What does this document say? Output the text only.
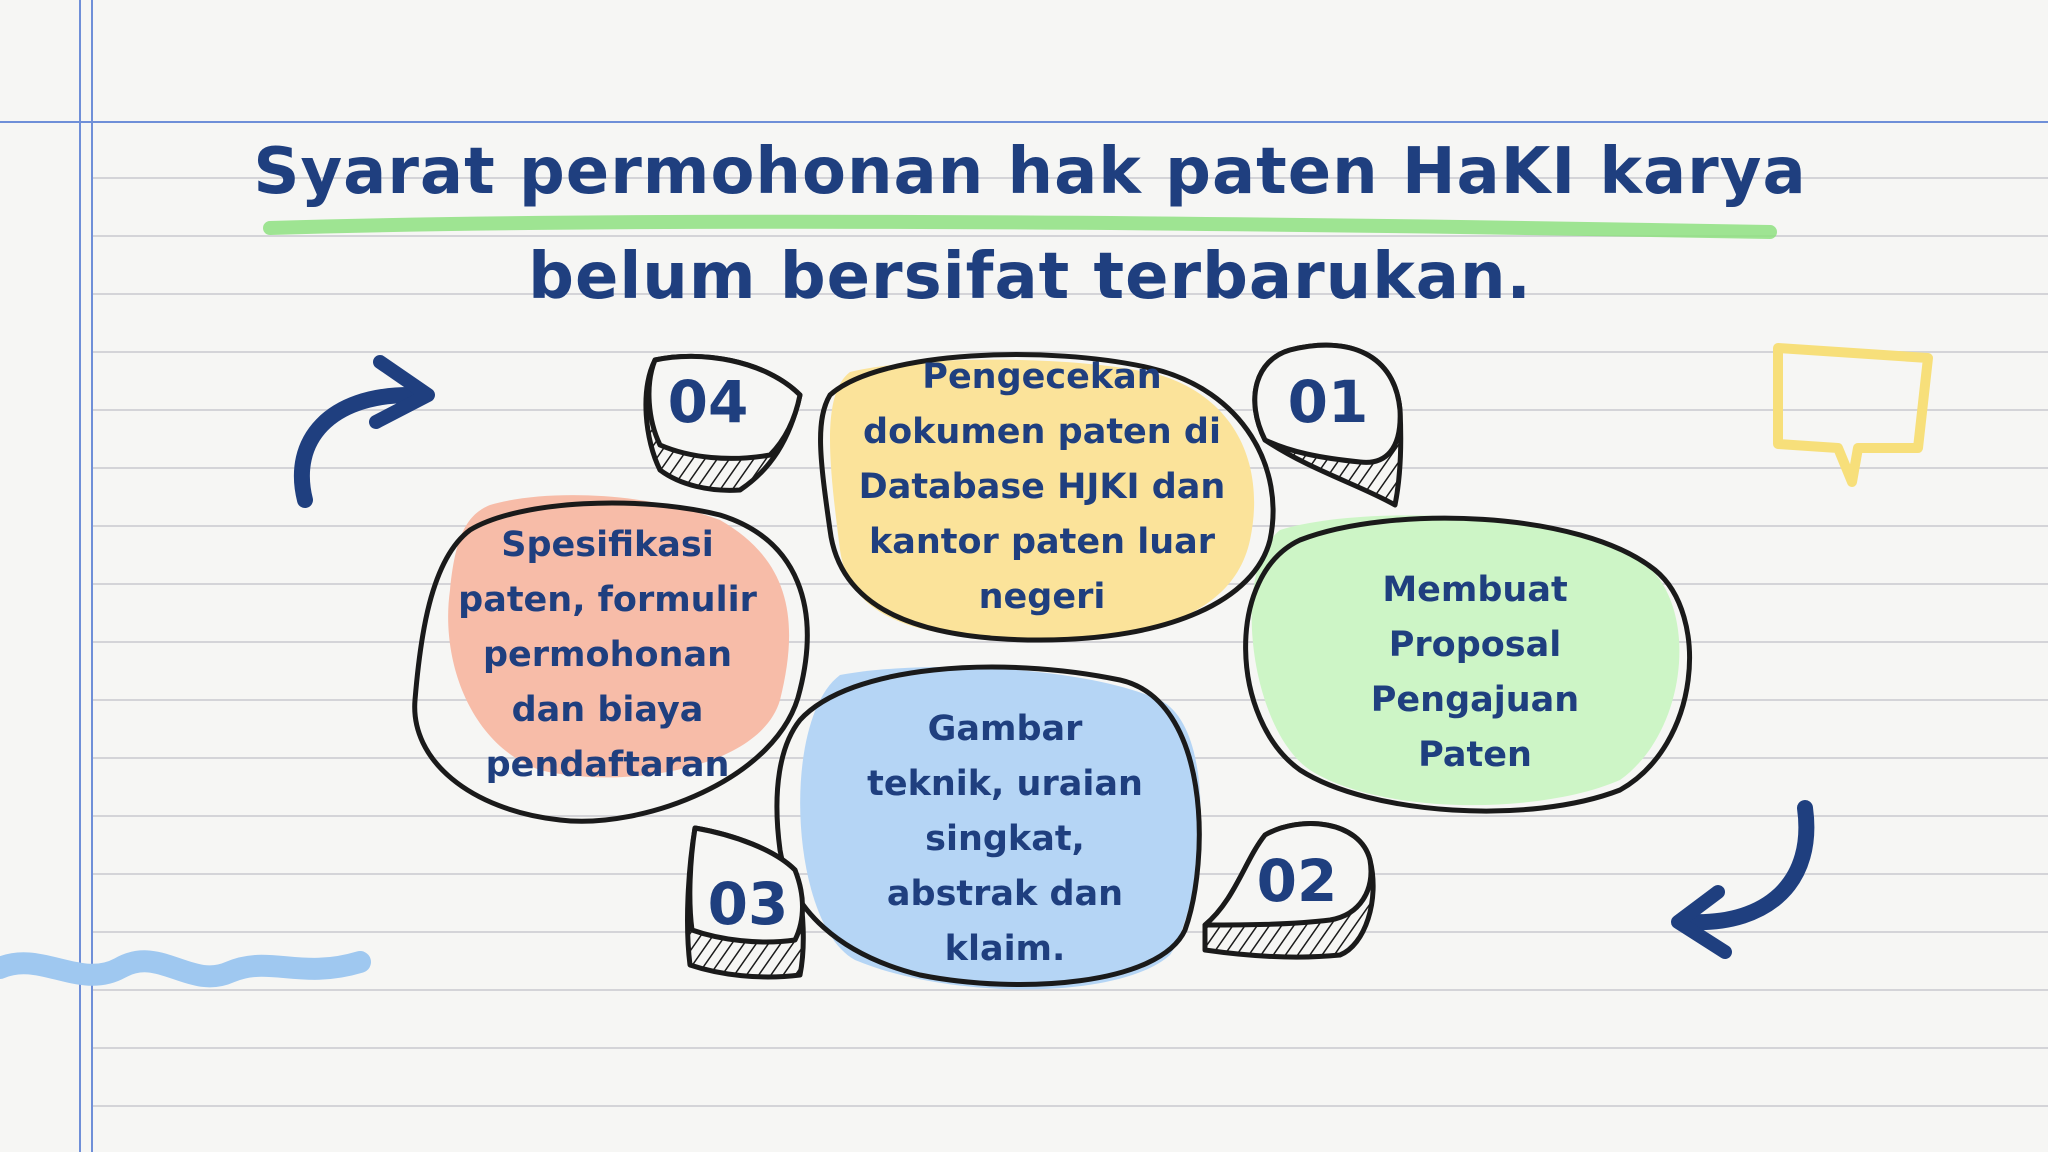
Syarat permohonan hak paten HaKI karya
belum bersifat terbarukan.
Pengecekan
dokumen paten di
Database HJKI dan
kantor paten luar
negeri	Membuat
Proposal
Pengajuan
Paten
Gambar
teknik, uraian
singkat,
abstrak dan
klaim.
Spesifikasi
paten, formulir
permohonan
dan biaya
pendaftaran
01
02
03
04
